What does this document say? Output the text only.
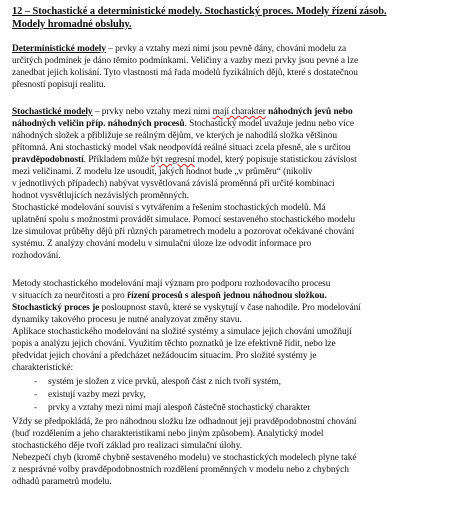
12 – Stochastické a deterministické modely. Stochastický proces. Modely řízení zásob.
Modely hromadné obsluhy.
Deterministické modely – prvky a vztahy mezi nimi jsou pevně dány, chování modelu za
určitých podmínek je dáno těmito podmínkami. Veličiny a vazby mezi prvky jsou pevné a lze
zanedbat jejich kolísání. Tyto vlastnosti má řada modelů fyzikálních dějů, které s dostatečnou
přesností popisují realitu.
Stochastické modely – prvky nebo vztahy mezi nimi mají charakter náhodných jevů nebo
náhodných veličin příp. náhodných procesů. Stochastický model uvažuje jednu nebo více
náhodných složek a přibližuje se reálným dějům, ve kterých je nahodilá složka většinou
přítomná. Ani stochastický model však neodpovídá reálné situaci zcela přesně, ale s určitou
pravděpodobností. Příkladem může být regresní model, který popisuje statistickou závislost
mezi veličinami. Z modelu lze usoudit, jakých hodnot bude „v průměru“ (nikoliv
v jednotlivých případech) nabývat vysvětlovaná závislá proměnná při určité kombinaci
hodnot vysvětlujících nezávislých proměnných.
Stochastické modelování souvisí s vytvářením a řešením stochastických modelů. Má
uplatnění spolu s možnostmi provádět simulace. Pomocí sestaveného stochastického modelu
lze simulovat průběhy dějů při různých parametrech modelu a pozorovat očekávané chování
systému. Z analýzy chování modelu v simulační úloze lze odvodit informace pro
rozhodování.
Metody stochastického modelování mají význam pro podporu rozhodovacího procesu
v situacích za neurčitosti a pro řízení procesů s alespoň jednou náhodnou složkou.
Stochastický proces je posloupnost stavů, které se vyskytují v čase nahodile. Pro modelování
dynamiky takového procesu je nutné analyzovat změny stavu.
Aplikace stochastického modelování na složité systémy a simulace jejich chování umožňují
popis a analýzu jejich chování. Využitím těchto poznatků je lze efektivně řídit, nebo lze
předvídat jejich chování a předcházet nežádoucím situacím. Pro složité systémy je
charakteristické:
- systém je složen z více prvků, alespoň část z nich tvoří systém,
- existují vazby mezi prvky,
- prvky a vztahy mezi nimi mají alespoň částečně stochastický charakter
Vždy se předpokládá, že pro náhodnou složku lze odhadnout její pravděpodobnostní chování
(buď rozdělením a jeho charakteristikami nebo jiným způsobem). Analytický model
stochastického děje tvoří základ pro realizaci simulační úlohy.
Nebezpečí chyb (kromě chybně sestaveného modelu) ve stochastických modelech plyne také
z nesprávné volby pravděpodobnostních rozdělení proměnných v modelu nebo z chybných
odhadů parametrů modelu.
